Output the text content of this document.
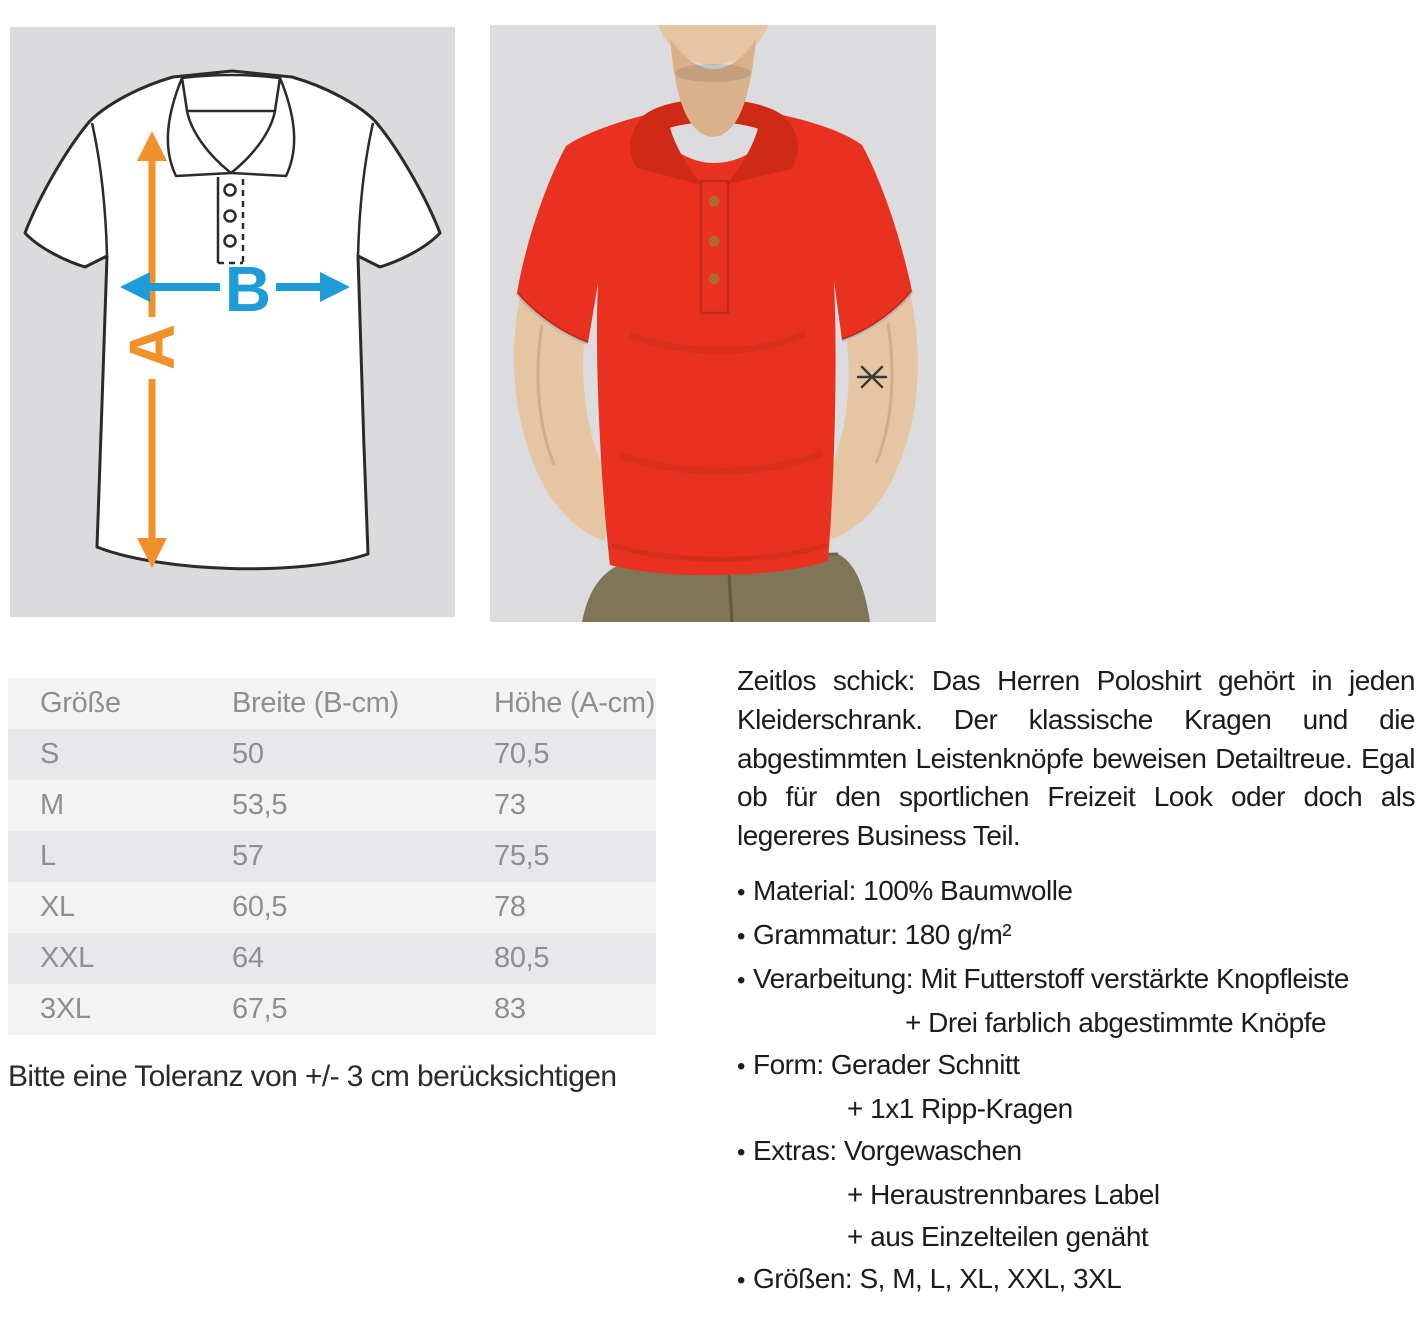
A
B
Größe	Breite (B-cm)	Höhe (A-cm)
S	50	70,5
M	53,5	73
L	57	75,5
XL	60,5	78
XXL	64	80,5
3XL	67,5	83
Bitte eine Toleranz von +/- 3 cm berücksichtigen
Zeitlos schick: Das Herren Poloshirt gehört in jeden Kleiderschrank. Der klassische Kragen und die abgestimmten Leistenknöpfe beweisen Detailtreue. Egal ob für den sportlichen Freizeit Look oder doch als legereres Business Teil.
• Material: 100% Baumwolle
• Grammatur: 180 g/m²
• Verarbeitung: Mit Futterstoff verstärkte Knopfleiste
+ Drei farblich abgestimmte Knöpfe
• Form: Gerader Schnitt
+ 1x1 Ripp-Kragen
• Extras: Vorgewaschen
+ Heraustrennbares Label
+ aus Einzelteilen genäht
• Größen: S, M, L, XL, XXL, 3XL
